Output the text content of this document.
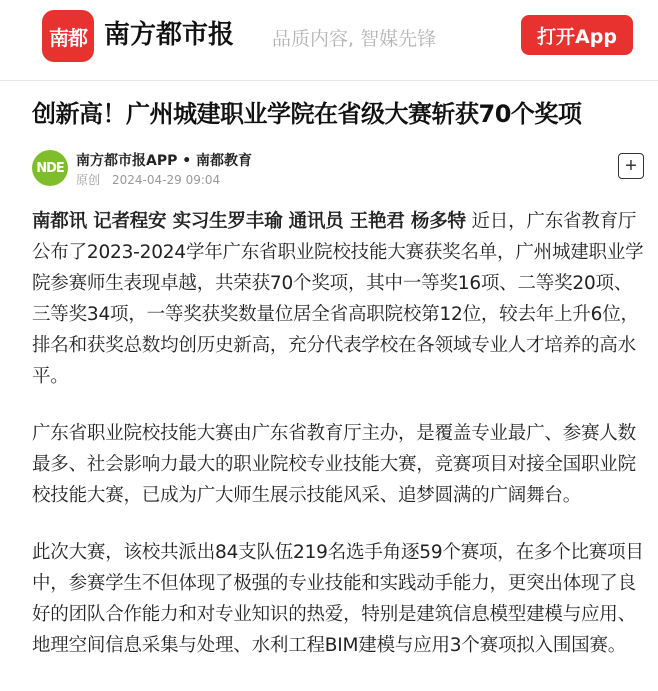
南都 南方都市报 品质内容, 智媒先锋	打开App
创新高！广州城建职业学院在省级大赛斩获70个奖项
NDE 南方都市报APP • 南都教育
原创 2024-04-29 09:04
+

南都讯 记者程安 实习生罗丰瑜 通讯员 王艳君 杨多特 近日，广东省教育厅公布了2023-2024学年广东省职业院校技能大赛获奖名单，广州城建职业学院参赛师生表现卓越，共荣获70个奖项，其中一等奖16项、二等奖20项、三等奖34项，一等奖获奖数量位居全省高职院校第12位，较去年上升6位，排名和获奖总数均创历史新高，充分代表学校在各领域专业人才培养的高水平。

广东省职业院校技能大赛由广东省教育厅主办，是覆盖专业最广、参赛人数最多、社会影响力最大的职业院校专业技能大赛，竞赛项目对接全国职业院校技能大赛，已成为广大师生展示技能风采、追梦圆满的广阔舞台。

此次大赛，该校共派出84支队伍219名选手角逐59个赛项，在多个比赛项目中，参赛学生不但体现了极强的专业技能和实践动手能力，更突出体现了良好的团队合作能力和对专业知识的热爱，特别是建筑信息模型建模与应用、地理空间信息采集与处理、水利工程BIM建模与应用3个赛项拟入围国赛。
